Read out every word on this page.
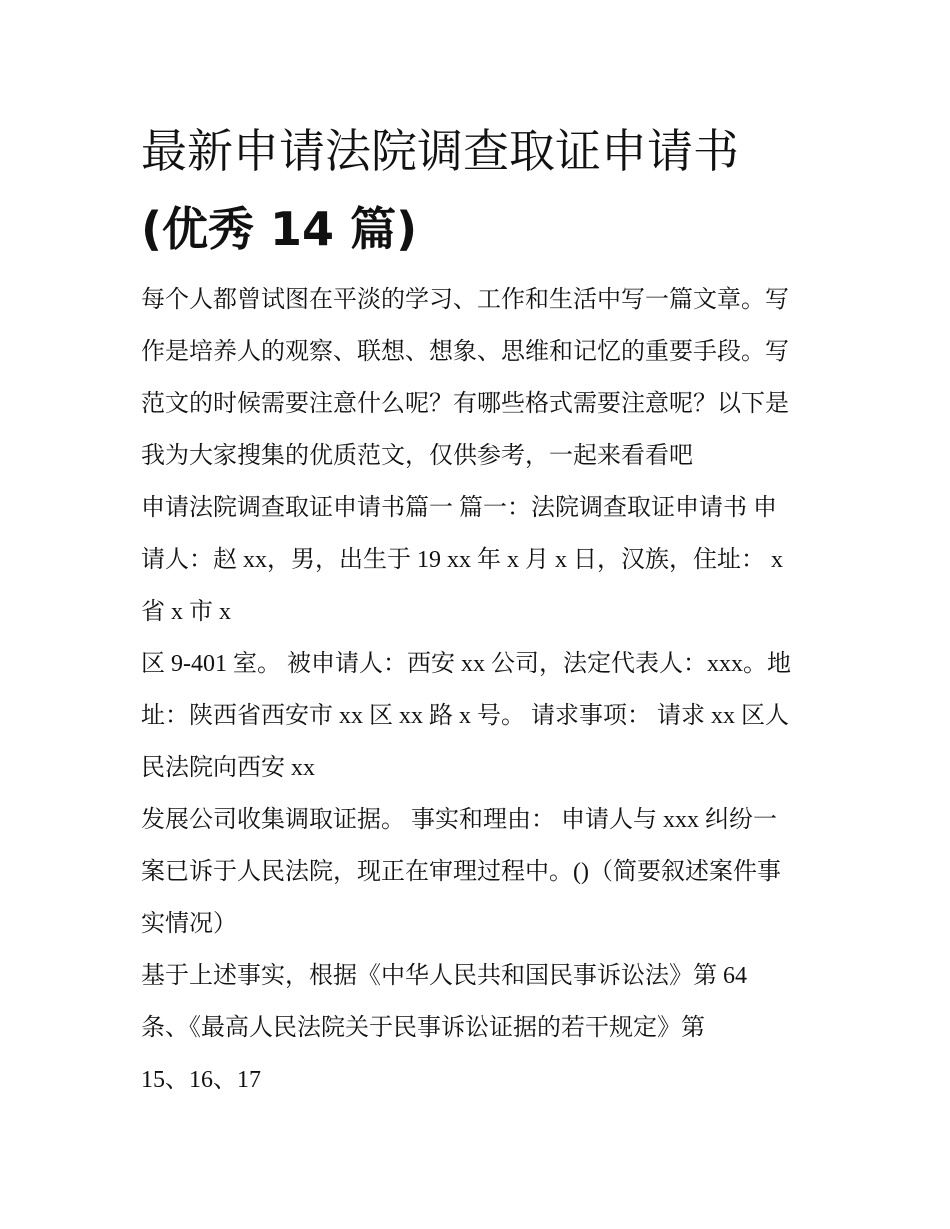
最新申请法院调查取证申请书
(优秀 14 篇)

每个人都曾试图在平淡的学习、工作和生活中写一篇文章。写
作是培养人的观察、联想、想象、思维和记忆的重要手段。写
范文的时候需要注意什么呢？有哪些格式需要注意呢？以下是
我为大家搜集的优质范文，仅供参考，一起来看看吧

申请法院调查取证申请书篇一 篇一：法院调查取证申请书 申
请人：赵 xx，男，出生于 19 xx 年 x 月 x 日，汉族，住址： x
省 x 市 x

区 9-401 室。 被申请人：西安 xx 公司，法定代表人：xxx。地
址：陕西省西安市 xx 区 xx 路 x 号。 请求事项： 请求 xx 区人
民法院向西安 xx

发展公司收集调取证据。 事实和理由： 申请人与 xxx 纠纷一
案已诉于人民法院，现正在审理过程中。()（简要叙述案件事
实情况）

基于上述事实，根据《中华人民共和国民事诉讼法》第 64
条、《最高人民法院关于民事诉讼证据的若干规定》第
15、16、17
